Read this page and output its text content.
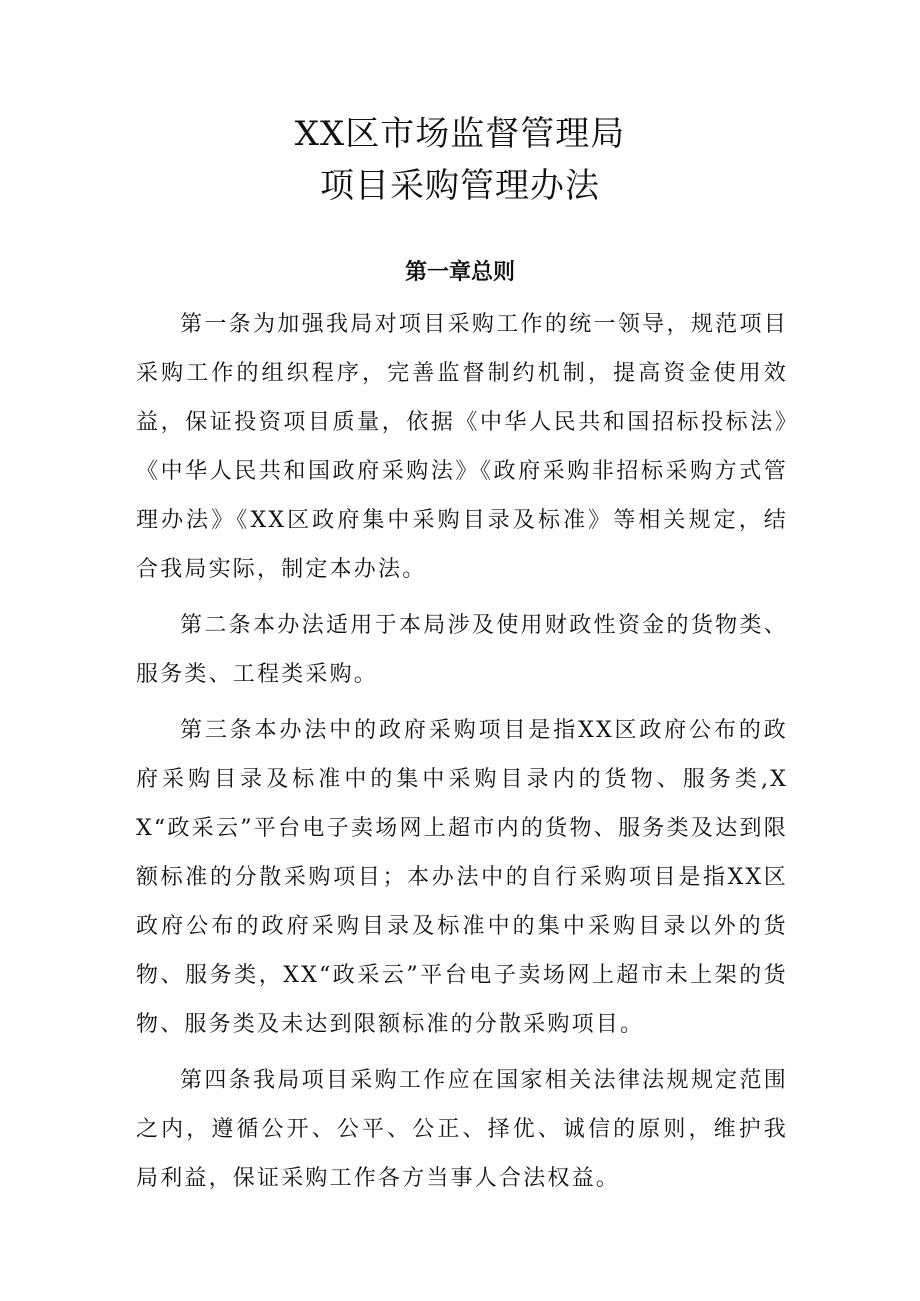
XX区市场监督管理局
项目采购管理办法
第一章总则

第一条为加强我局对项目采购工作的统一领导，规范项目采购工作的组织程序，完善监督制约机制，提高资金使用效益，保证投资项目质量，依据《中华人民共和国招标投标法》《中华人民共和国政府采购法》《政府采购非招标采购方式管理办法》《XX区政府集中采购目录及标准》等相关规定，结合我局实际，制定本办法。

第二条本办法适用于本局涉及使用财政性资金的货物类、服务类、工程类采购。

第三条本办法中的政府采购项目是指XX区政府公布的政府采购目录及标准中的集中采购目录内的货物、服务类,XX“政采云”平台电子卖场网上超市内的货物、服务类及达到限额标准的分散采购项目；本办法中的自行采购项目是指XX区政府公布的政府采购目录及标准中的集中采购目录以外的货物、服务类，XX“政采云”平台电子卖场网上超市未上架的货物、服务类及未达到限额标准的分散采购项目。

第四条我局项目采购工作应在国家相关法律法规规定范围之内，遵循公开、公平、公正、择优、诚信的原则，维护我局利益，保证采购工作各方当事人合法权益。
